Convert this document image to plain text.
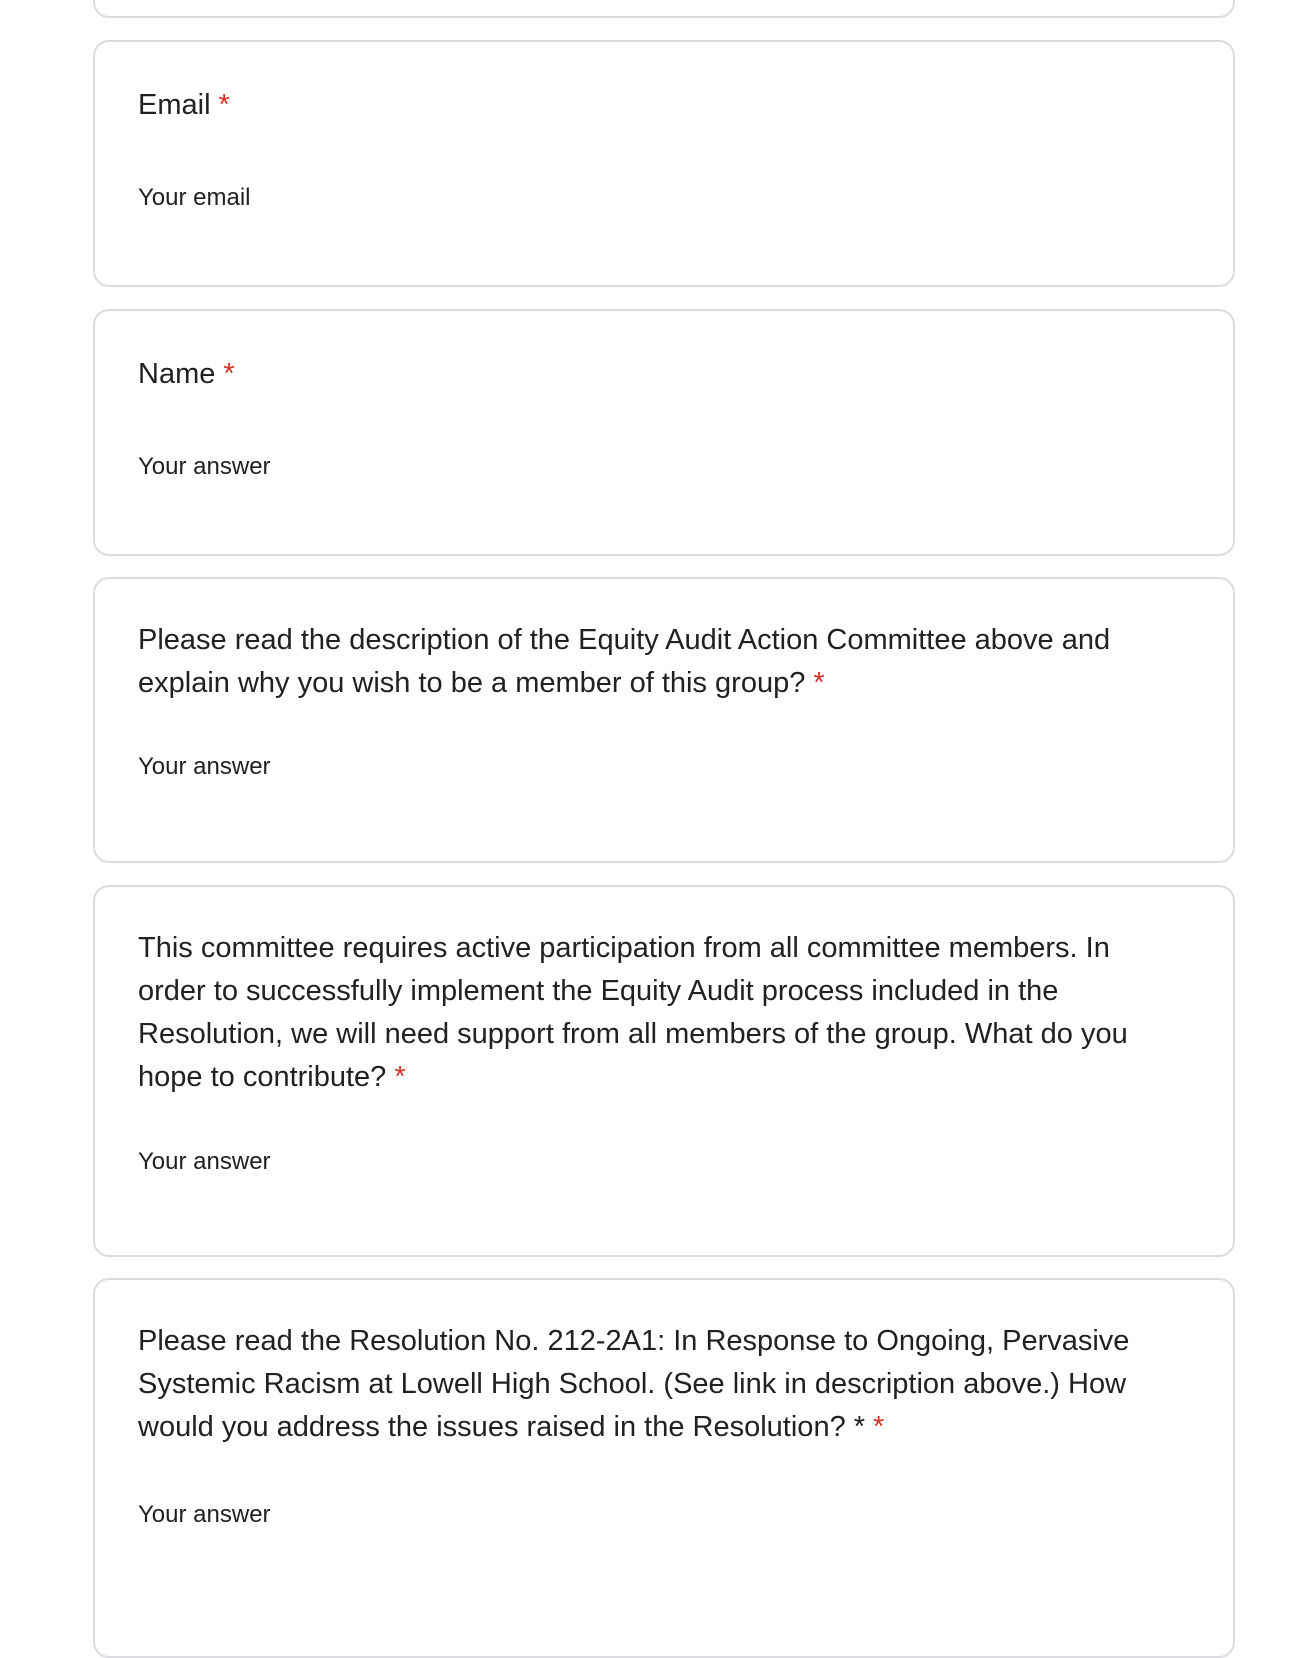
Email *

Your email

Name *

Your answer

Please read the description of the Equity Audit Action Committee above and explain why you wish to be a member of this group? *

Your answer

This committee requires active participation from all committee members. In order to successfully implement the Equity Audit process included in the Resolution, we will need support from all members of the group. What do you hope to contribute? *

Your answer

Please read the Resolution No. 212-2A1: In Response to Ongoing, Pervasive Systemic Racism at Lowell High School. (See link in description above.) How would you address the issues raised in the Resolution? * *

Your answer
